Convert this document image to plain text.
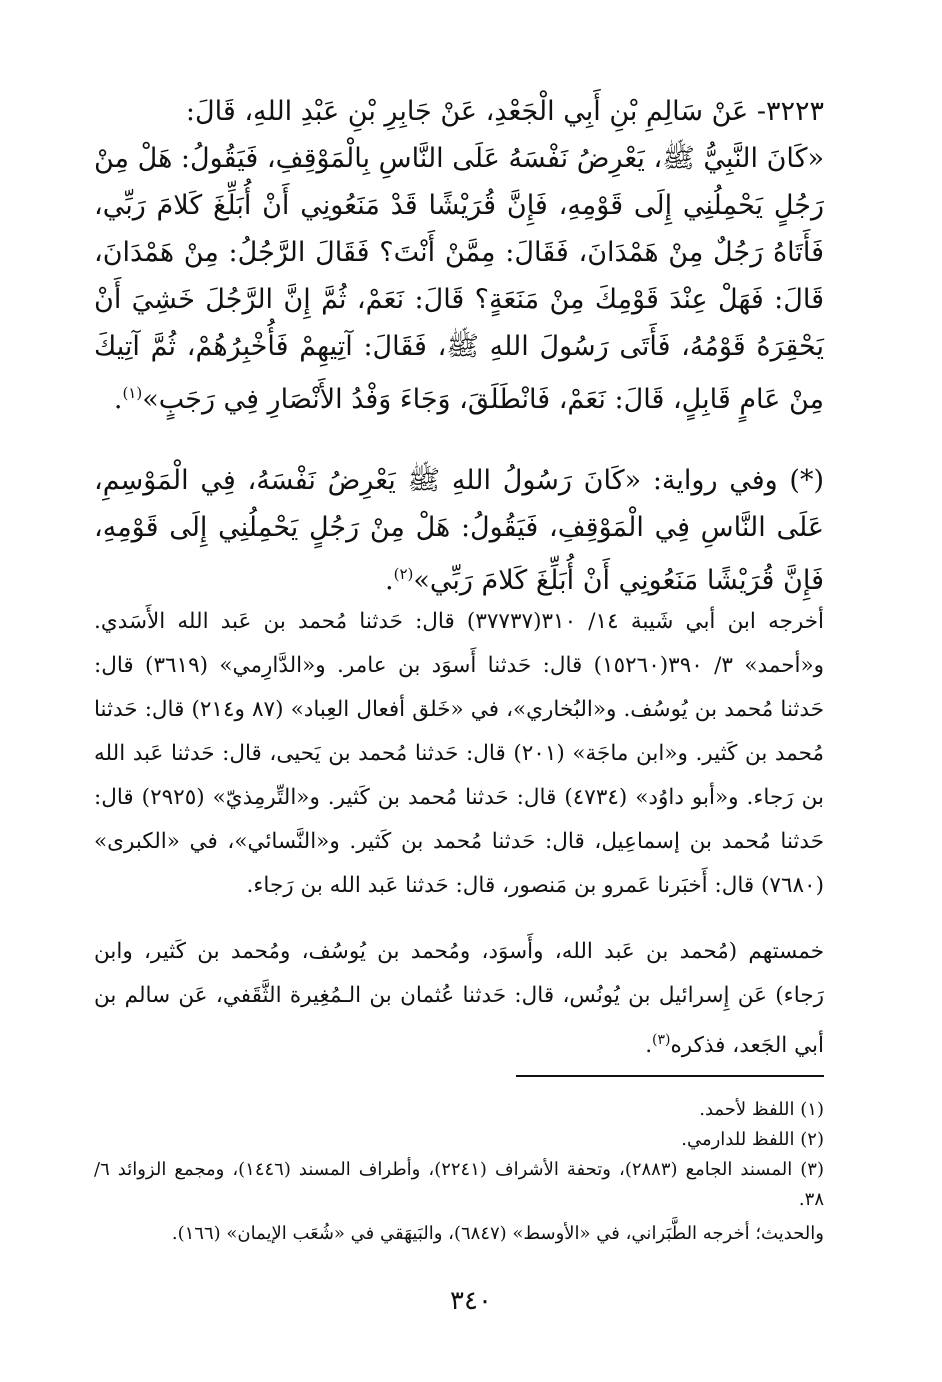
٣٢٢٣- عَنْ سَالِمِ بْنِ أَبِي الْجَعْدِ، عَنْ جَابِرِ بْنِ عَبْدِ اللهِ، قَالَ:

«كَانَ النَّبِيُّ ﷺ، يَعْرِضُ نَفْسَهُ عَلَى النَّاسِ بِالْمَوْقِفِ، فَيَقُولُ: هَلْ مِنْ رَجُلٍ يَحْمِلُنِي إِلَى قَوْمِهِ، فَإِنَّ قُرَيْشًا قَدْ مَنَعُونِي أَنْ أُبَلِّغَ كَلامَ رَبِّي، فَأَتَاهُ رَجُلٌ مِنْ هَمْدَانَ، فَقَالَ: مِمَّنْ أَنْتَ؟ فَقَالَ الرَّجُلُ: مِنْ هَمْدَانَ، قَالَ: فَهَلْ عِنْدَ قَوْمِكَ مِنْ مَنَعَةٍ؟ قَالَ: نَعَمْ، ثُمَّ إِنَّ الرَّجُلَ خَشِيَ أَنْ يَحْقِرَهُ قَوْمُهُ، فَأَتَى رَسُولَ اللهِ ﷺ، فَقَالَ: آتِيهِمْ فَأُخْبِرُهُمْ، ثُمَّ آتِيكَ مِنْ عَامٍ قَابِلٍ، قَالَ: نَعَمْ، فَانْطَلَقَ، وَجَاءَ وَفْدُ الأَنْصَارِ فِي رَجَبٍ»$^{(١)}$.

(*) وفي رواية: «كَانَ رَسُولُ اللهِ ﷺ يَعْرِضُ نَفْسَهُ، فِي الْمَوْسِمِ، عَلَى النَّاسِ فِي الْمَوْقِفِ، فَيَقُولُ: هَلْ مِنْ رَجُلٍ يَحْمِلُنِي إِلَى قَوْمِهِ، فَإِنَّ قُرَيْشًا مَنَعُونِي أَنْ أُبَلِّغَ كَلامَ رَبِّي»$^{(٢)}$.

أخرجه ابن أبي شَيبة ١٤/ ٣١٠(٣٧٧٣٧) قال: حَدثنا مُحمد بن عَبد الله الأَسَدي. و«أحمد» ٣/ ٣٩٠(١٥٢٦٠) قال: حَدثنا أَسوَد بن عامر. و«الدَّارِمي» (٣٦١٩) قال: حَدثنا مُحمد بن يُوسُف. و«البُخاري»، في «خَلق أفعال العِباد» (٨٧ و٢١٤) قال: حَدثنا مُحمد بن كَثير. و«ابن ماجَة» (٢٠١) قال: حَدثنا مُحمد بن يَحيى، قال: حَدثنا عَبد الله بن رَجاء. و«أبو داوُد» (٤٧٣٤) قال: حَدثنا مُحمد بن كَثير. و«التِّرمِذيّ» (٢٩٢٥) قال: حَدثنا مُحمد بن إسماعِيل، قال: حَدثنا مُحمد بن كَثير. و«النَّسائي»، في «الكبرى» (٧٦٨٠) قال: أَخبَرنا عَمرو بن مَنصور، قال: حَدثنا عَبد الله بن رَجاء.

خمستهم (مُحمد بن عَبد الله، وأَسوَد، ومُحمد بن يُوسُف، ومُحمد بن كَثير، وابن رَجاء) عَن إِسرائيل بن يُونُس، قال: حَدثنا عُثمان بن الـمُغِيرة الثَّقَفي، عَن سالم بن أبي الجَعد، فذكره$^{(٣)}$.

(١) اللفظ لأحمد.

(٢) اللفظ للدارمي.

(٣) المسند الجامع (٢٨٨٣)، وتحفة الأشراف (٢٢٤١)، وأطراف المسند (١٤٤٦)، ومجمع الزوائد ٦/ ٣٨.

والحديث؛ أخرجه الطَّبَراني، في «الأوسط» (٦٨٤٧)، والبَيهَقي في «شُعَب الإيمان» (١٦٦).

٣٤٠
